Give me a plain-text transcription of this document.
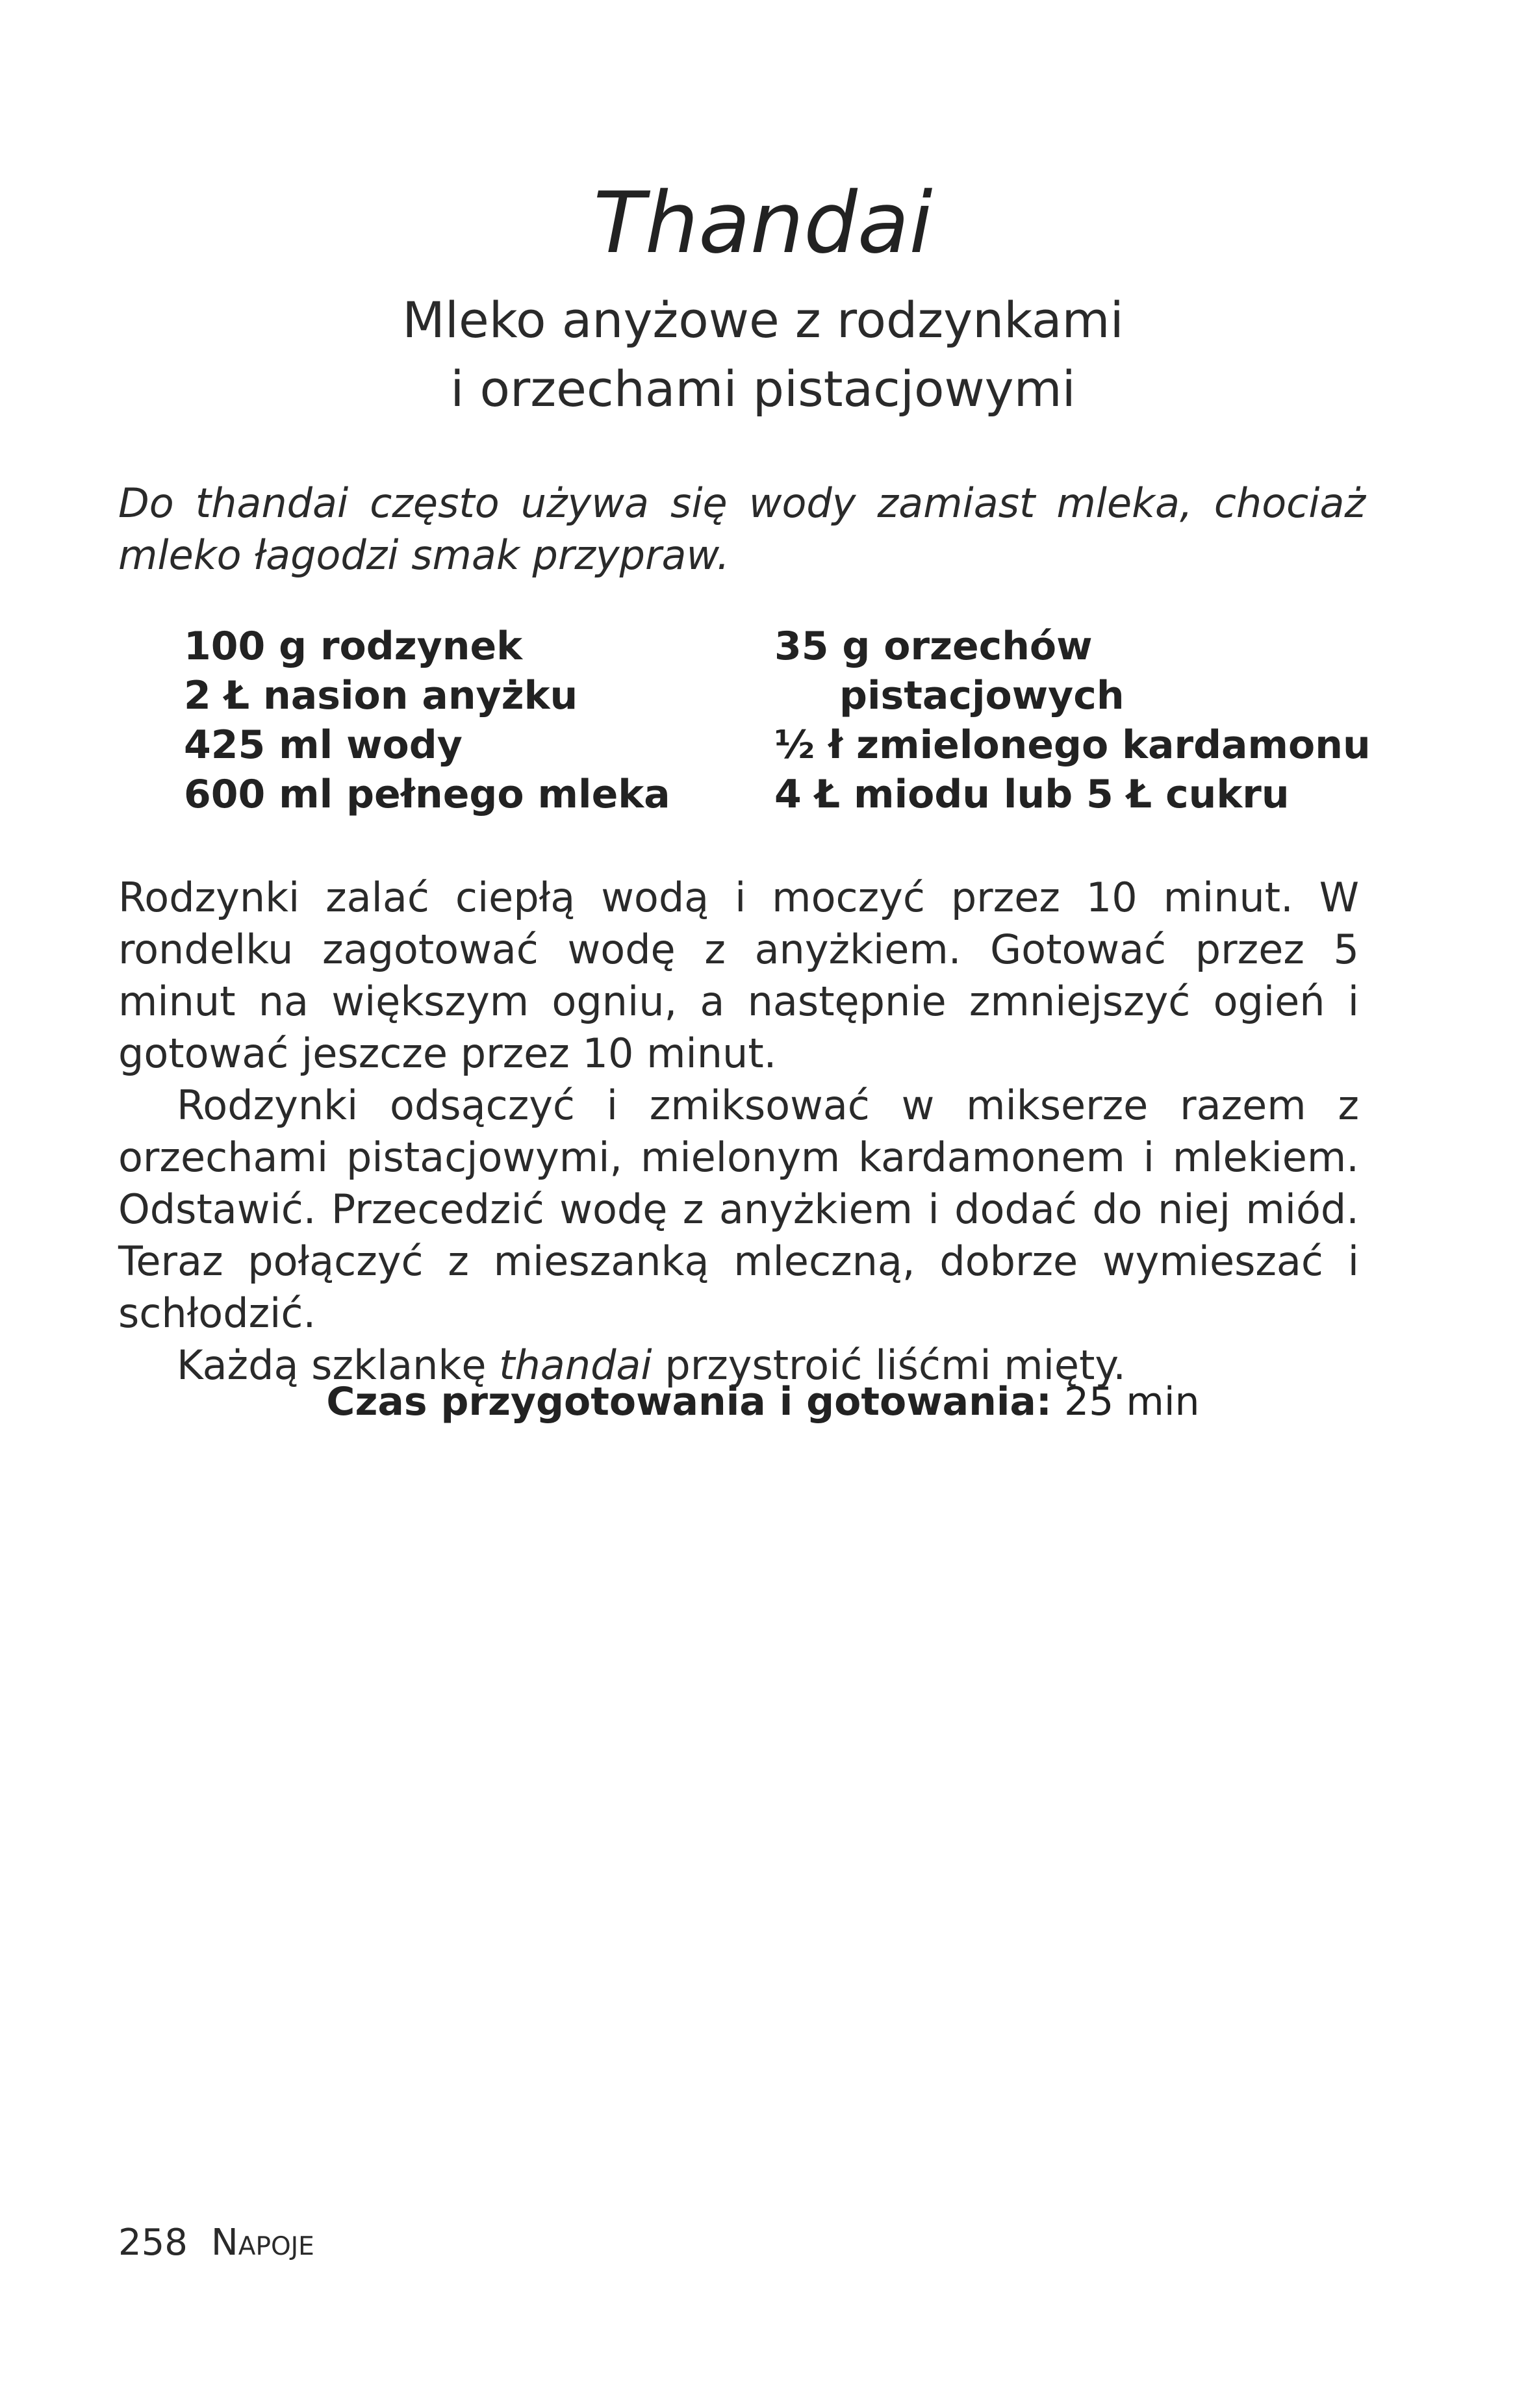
Thandai
Mleko anyżowe z rodzynkami
i orzechami pistacjowymi

Do thandai często używa się wody zamiast mleka, chociaż mleko łagodzi smak przypraw.

100 g rodzynek
2 Ł nasion anyżku
425 ml wody
600 ml pełnego mleka
35 g orzechów
pistacjowych
½ ł zmielonego kardamonu
4 Ł miodu lub 5 Ł cukru

Rodzynki zalać ciepłą wodą i moczyć przez 10 minut. W rondelku zagotować wodę z anyżkiem. Gotować przez 5 minut na większym ogniu, a następnie zmniejszyć ogień i gotować jeszcze przez 10 minut.

Rodzynki odsączyć i zmiksować w mikserze razem z orzechami pistacjowymi, mielonym kardamonem i mlekiem. Odstawić. Przecedzić wodę z anyżkiem i dodać do niej miód. Teraz połączyć z mieszanką mleczną, dobrze wymieszać i schłodzić.

Każdą szklankę thandai przystroić liśćmi mięty.

Czas przygotowania i gotowania: 25 min

258 Napoje
